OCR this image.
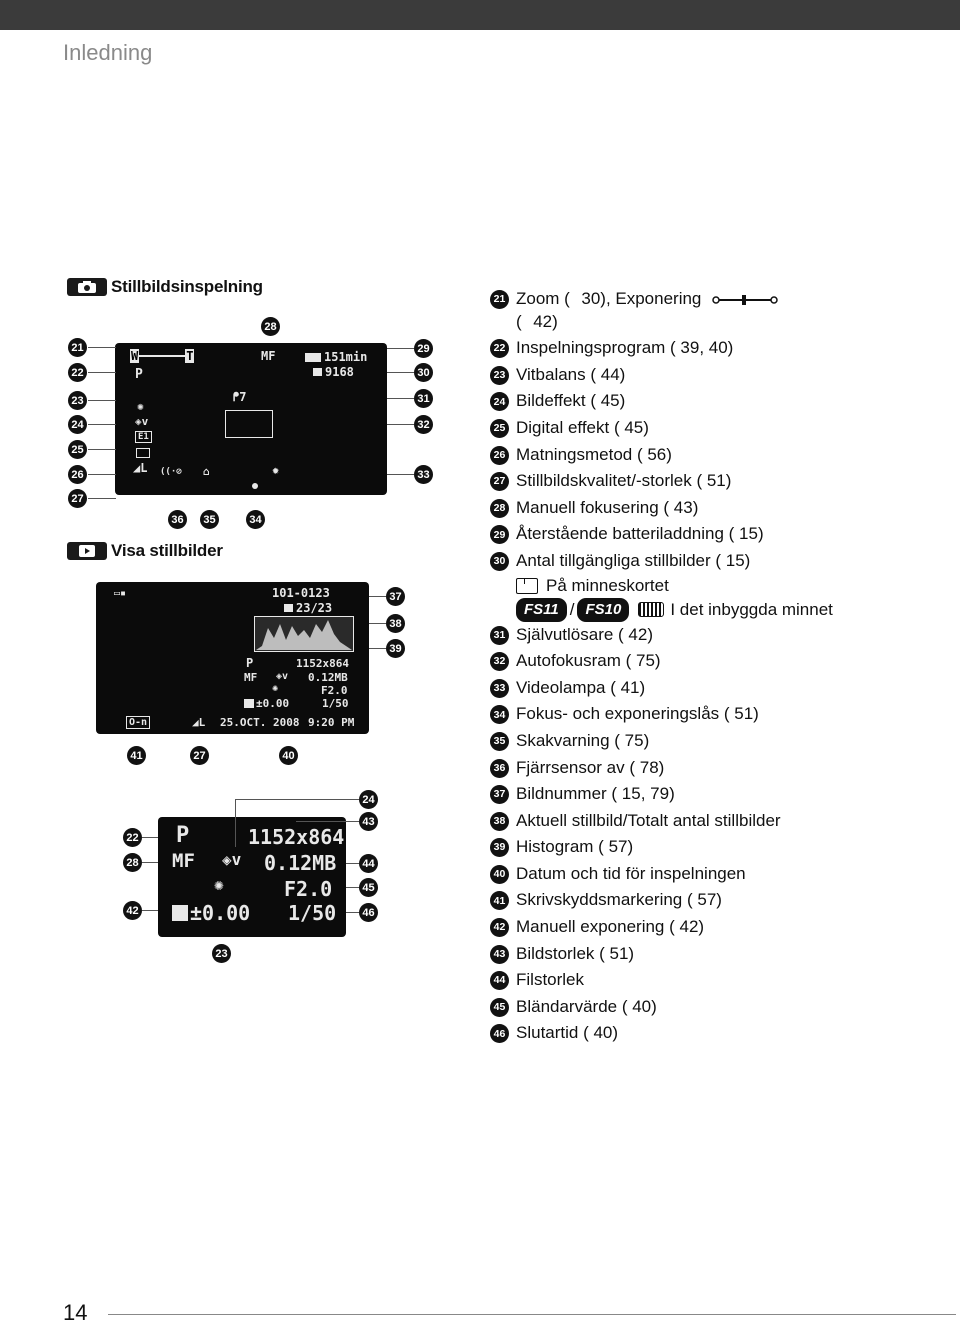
Inledning
Stillbildsinspelning
W	T
P
MF	151min
9168
✺
◈v
E1
◢L
ᖰ7
((·⊘ ⌂	✹
28
21
22
23
24
25
26
27
29
30
31
32
33
36	35	34
Visa stillbilder
▭▪	101-0123
23/23
P	1152x864
MF ◈v 0.12MB
✺	F2.0
±0.00	1/50
O-n	◢L 25.OCT. 2008 9:20 PM
37
38
39
41	27	40
P	1152x864
MF ◈v 0.12MB
✺	F2.0
±0.00 1/50
24
43
44
45
46
22
28
42
23
21 Zoom (   30), Exponering
(   42)
22 Inspelningsprogram ( 39, 40)
23 Vitbalans ( 44)
24 Bildeffekt ( 45)
25 Digital effekt ( 45)
26 Matningsmetod ( 56)
27 Stillbildskvalitet/-storlek ( 51)
28 Manuell fokusering ( 43)
29 Återstående batteriladdning ( 15)
30 Antal tillgängliga stillbilder ( 15)
På minneskortet
FS11 / FS10	I det inbyggda minnet
31 Självutlösare ( 42)
32 Autofokusram ( 75)
33 Videolampa ( 41)
34 Fokus- och exponeringslås ( 51)
35 Skakvarning ( 75)
36 Fjärrsensor av ( 78)
37 Bildnummer ( 15, 79)
38 Aktuell stillbild/Totalt antal stillbilder
39 Histogram ( 57)
40 Datum och tid för inspelningen
41 Skrivskyddsmarkering ( 57)
42 Manuell exponering ( 42)
43 Bildstorlek ( 51)
44 Filstorlek
45 Bländarvärde ( 40)
46 Slutartid ( 40)
14
